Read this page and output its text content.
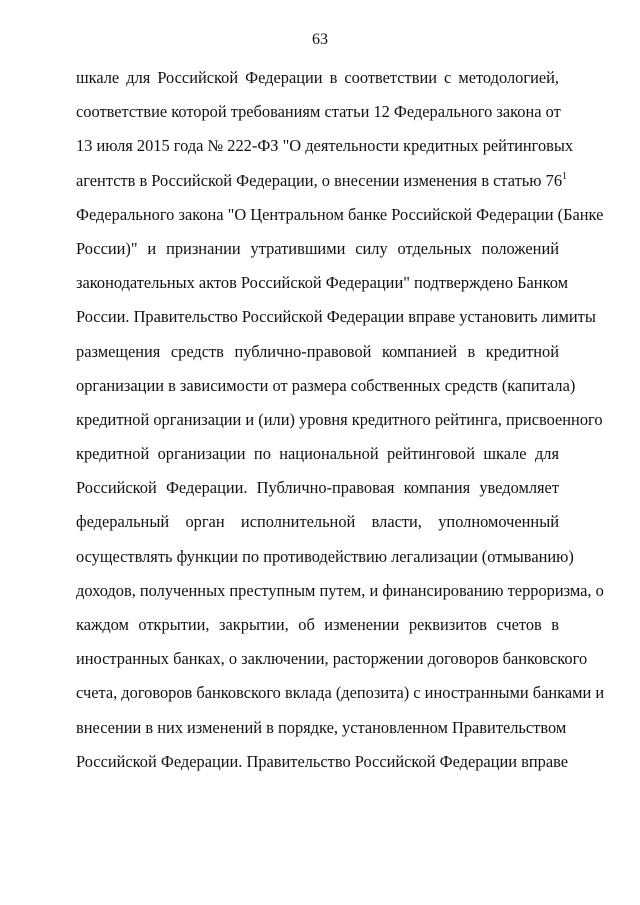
63
шкале для Российской Федерации в соответствии с методологией,
соответствие которой требованиям статьи 12 Федерального закона от
13 июля 2015 года № 222-ФЗ "О деятельности кредитных рейтинговых
агентств в Российской Федерации, о внесении изменения в статью $76^1$
Федерального закона "О Центральном банке Российской Федерации (Банке
России)" и признании утратившими силу отдельных положений
законодательных актов Российской Федерации" подтверждено Банком
России. Правительство Российской Федерации вправе установить лимиты
размещения средств публично-правовой компанией в кредитной
организации в зависимости от размера собственных средств (капитала)
кредитной организации и (или) уровня кредитного рейтинга, присвоенного
кредитной организации по национальной рейтинговой шкале для
Российской Федерации. Публично-правовая компания уведомляет
федеральный орган исполнительной власти, уполномоченный
осуществлять функции по противодействию легализации (отмыванию)
доходов, полученных преступным путем, и финансированию терроризма, о
каждом открытии, закрытии, об изменении реквизитов счетов в
иностранных банках, о заключении, расторжении договоров банковского
счета, договоров банковского вклада (депозита) с иностранными банками и
внесении в них изменений в порядке, установленном Правительством
Российской Федерации. Правительство Российской Федерации вправе
